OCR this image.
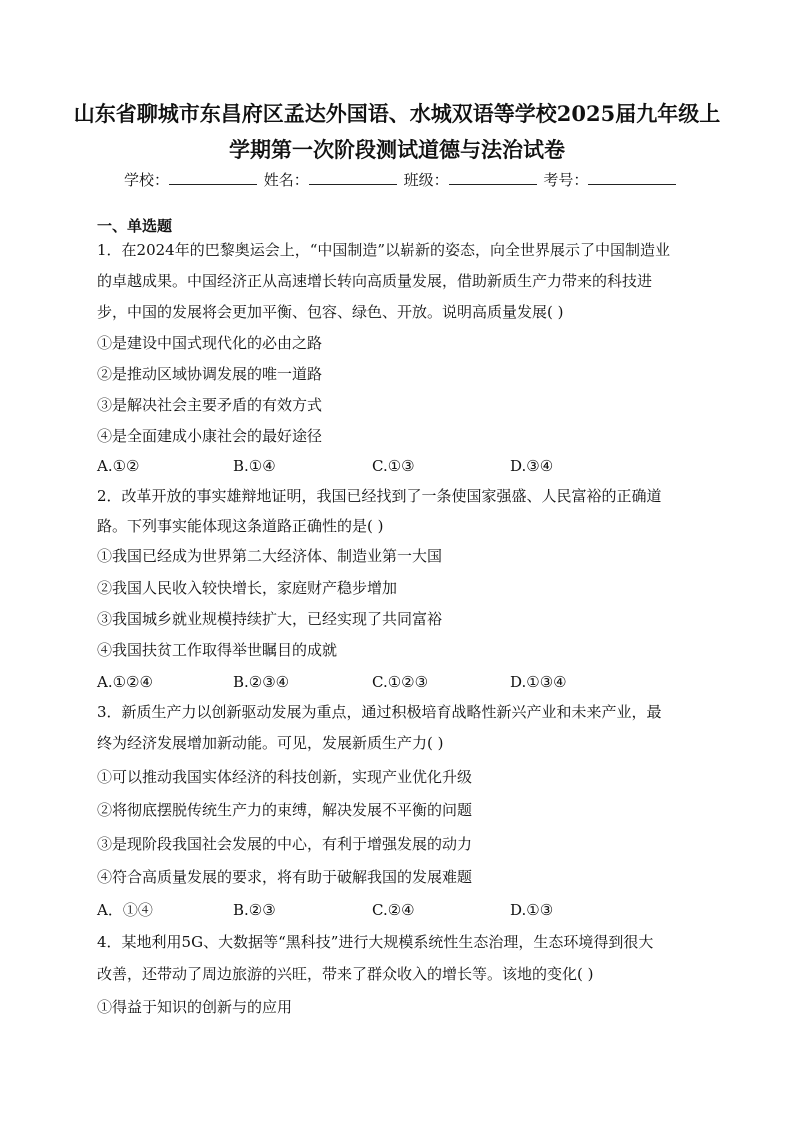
山东省聊城市东昌府区孟达外国语、水城双语等学校2025届九年级上
学期第一次阶段测试道德与法治试卷
学校：	姓名：	班级：	考号：
一、单选题
1．在2024年的巴黎奥运会上，“中国制造”以崭新的姿态，向全世界展示了中国制造业
的卓越成果。中国经济正从高速增长转向高质量发展，借助新质生产力带来的科技进
步，中国的发展将会更加平衡、包容、绿色、开放。说明高质量发展( )
①是建设中国式现代化的必由之路
②是推动区域协调发展的唯一道路
③是解决社会主要矛盾的有效方式
④是全面建成小康社会的最好途径
A.①②	B.①④	C.①③	D.③④
2．改革开放的事实雄辩地证明，我国已经找到了一条使国家强盛、人民富裕的正确道
路。下列事实能体现这条道路正确性的是( )
①我国已经成为世界第二大经济体、制造业第一大国
②我国人民收入较快增长，家庭财产稳步增加
③我国城乡就业规模持续扩大，已经实现了共同富裕
④我国扶贫工作取得举世瞩目的成就
A.①②④	B.②③④	C.①②③	D.①③④
3．新质生产力以创新驱动发展为重点，通过积极培育战略性新兴产业和未来产业，最
终为经济发展增加新动能。可见，发展新质生产力( )
①可以推动我国实体经济的科技创新，实现产业优化升级
②将彻底摆脱传统生产力的束缚，解决发展不平衡的问题
③是现阶段我国社会发展的中心，有利于增强发展的动力
④符合高质量发展的要求，将有助于破解我国的发展难题
A．①④	B.②③	C.②④	D.①③
4．某地利用5G、大数据等“黑科技”进行大规模系统性生态治理，生态环境得到很大
改善，还带动了周边旅游的兴旺，带来了群众收入的增长等。该地的变化( )
①得益于知识的创新与的应用
